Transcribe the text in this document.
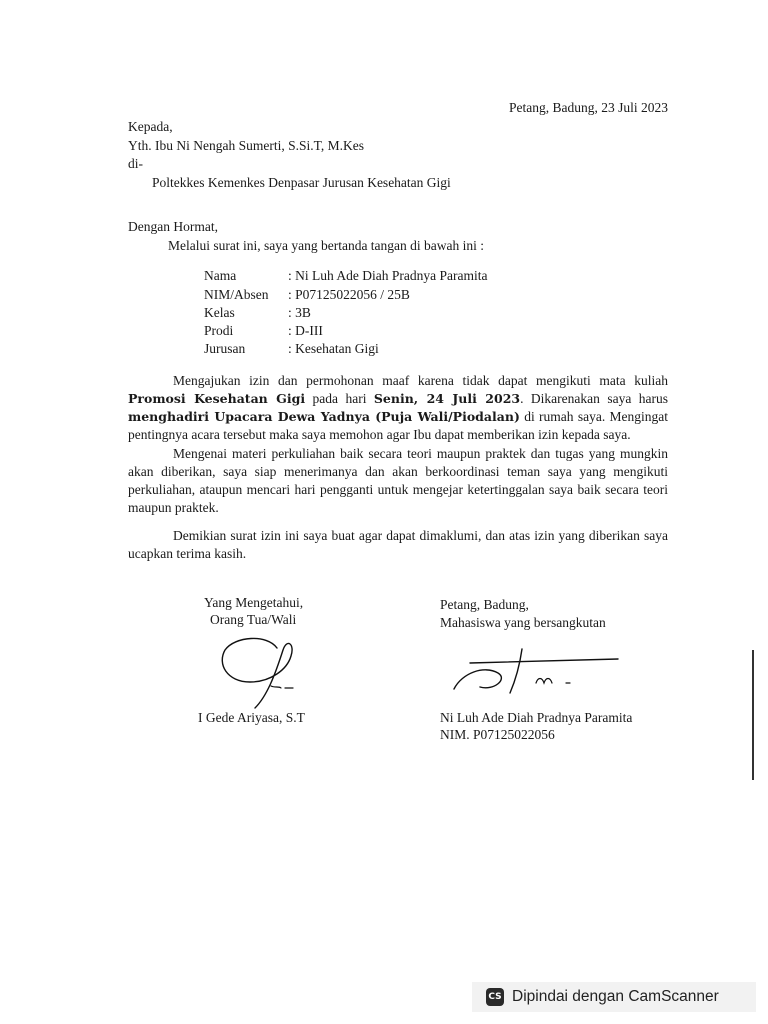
Petang, Badung, 23 Juli 2023
Kepada,
Yth. Ibu Ni Nengah Sumerti, S.Si.T, M.Kes
di-
Poltekkes Kemenkes Denpasar Jurusan Kesehatan Gigi
Dengan Hormat,
Melalui surat ini, saya yang bertanda tangan di bawah ini :
Nama	: Ni Luh Ade Diah Pradnya Paramita
NIM/Absen	: P07125022056 / 25B
Kelas	: 3B
Prodi	: D-III
Jurusan	: Kesehatan Gigi
Mengajukan izin dan permohonan maaf karena tidak dapat mengikuti mata kuliah Promosi Kesehatan Gigi pada hari Senin, 24 Juli 2023. Dikarenakan saya harus menghadiri Upacara Dewa Yadnya (Puja Wali/Piodalan) di rumah saya. Mengingat pentingnya acara tersebut maka saya memohon agar Ibu dapat memberikan izin kepada saya.
Mengenai materi perkuliahan baik secara teori maupun praktek dan tugas yang mungkin akan diberikan, saya siap menerimanya dan akan berkoordinasi teman saya yang mengikuti perkuliahan, ataupun mencari hari pengganti untuk mengejar ketertinggalan saya baik secara teori maupun praktek.
Demikian surat izin ini saya buat agar dapat dimaklumi, dan atas izin yang diberikan saya ucapkan terima kasih.
Yang Mengetahui,
Orang Tua/Wali
I Gede Ariyasa, S.T
Petang, Badung,
Mahasiswa yang bersangkutan
Ni Luh Ade Diah Pradnya Paramita
NIM. P07125022056
CS Dipindai dengan CamScanner
